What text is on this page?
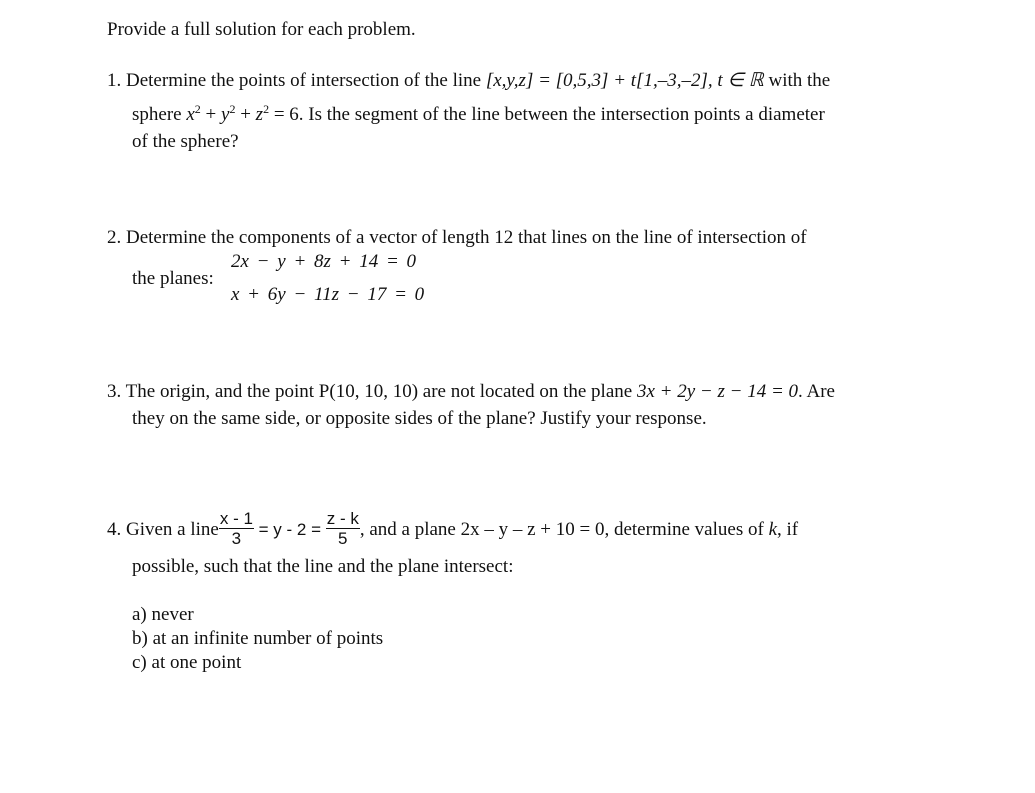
Provide a full solution for each problem.
1. Determine the points of intersection of the line [x,y,z] = [0,5,3] + t[1,–3,–2], t ∈ ℝ with the
sphere $x^2 + y^2 + z^2 = 6$. Is the segment of the line between the intersection points a diameter
of the sphere?
2. Determine the components of a vector of length 12 that lines on the line of intersection of
the planes:
2x − y + 8z + 14 = 0
x + 6y − 11z − 17 = 0
3. The origin, and the point P(10, 10, 10) are not located on the plane 3x + 2y − z − 14 = 0. Are
they on the same side, or opposite sides of the plane? Justify your response.
4. Given a line $\frac{x - 1}{3} = y - 2 = \frac{z - k}{5}$ , and a plane 2x – y – z + 10 = 0, determine values of k, if
possible, such that the line and the plane intersect:
a) never
b) at an infinite number of points
c) at one point
